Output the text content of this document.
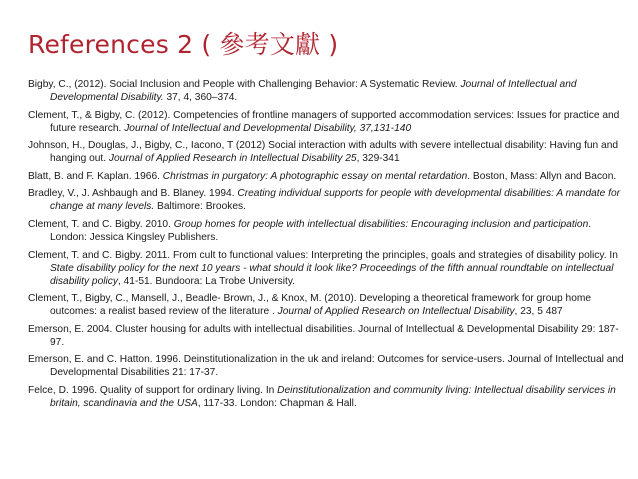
References 2 ( 參考文獻 )

Bigby, C., (2012). Social Inclusion and People with Challenging Behavior: A Systematic Review. Journal of Intellectual and Developmental Disability. 37, 4, 360–374.

Clement, T., & Bigby, C. (2012). Competencies of frontline managers of supported accommodation services: Issues for practice and future research. Journal of Intellectual and Developmental Disability, 37,131-140

Johnson, H., Douglas, J., Bigby, C., Iacono, T (2012) Social interaction with adults with severe intellectual disability: Having fun and hanging out. Journal of Applied Research in Intellectual Disability 25, 329-341

Blatt, B. and F. Kaplan. 1966. Christmas in purgatory: A photographic essay on mental retardation. Boston, Mass: Allyn and Bacon.

Bradley, V., J. Ashbaugh and B. Blaney. 1994. Creating individual supports for people with developmental disabilities: A mandate for change at many levels. Baltimore: Brookes.

Clement, T. and C. Bigby. 2010. Group homes for people with intellectual disabilities: Encouraging inclusion and participation. London: Jessica Kingsley Publishers.

Clement, T. and C. Bigby. 2011. From cult to functional values: Interpreting the principles, goals and strategies of disability policy. In State disability policy for the next 10 years - what should it look like? Proceedings of the fifth annual roundtable on intellectual disability policy, 41-51. Bundoora: La Trobe University.

Clement, T., Bigby, C., Mansell, J., Beadle- Brown, J., & Knox, M. (2010). Developing a theoretical framework for group home outcomes: a realist based review of the literature . Journal of Applied Research on Intellectual Disability, 23, 5 487

Emerson, E. 2004. Cluster housing for adults with intellectual disabilities. Journal of Intellectual & Developmental Disability 29: 187-97.

Emerson, E. and C. Hatton. 1996. Deinstitutionalization in the uk and ireland: Outcomes for service-users. Journal of Intellectual and Developmental Disabilities 21: 17-37.

Felce, D. 1996. Quality of support for ordinary living. In Deinstitutionalization and community living: Intellectual disability services in britain, scandinavia and the USA, 117-33. London: Chapman & Hall.
